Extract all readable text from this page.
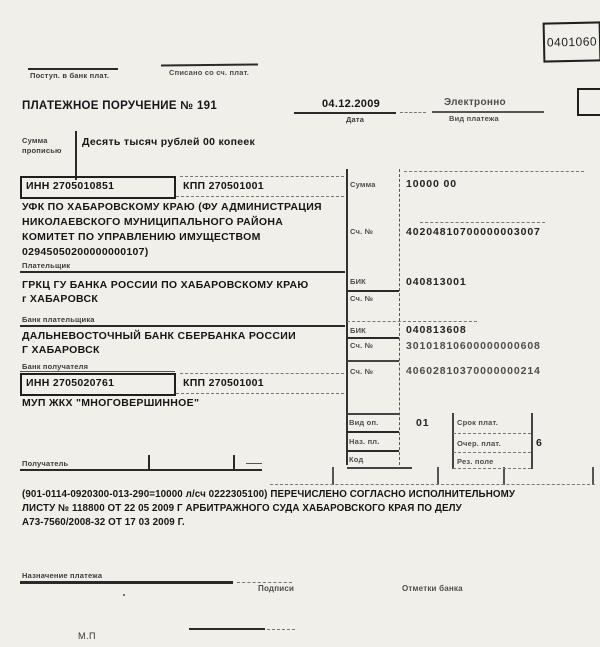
0401060
Поступ. в банк плат.	Списано со сч. плат.
ПЛАТЕЖНОЕ ПОРУЧЕНИЕ № 191	04.12.2009
Дата
Электронно
Вид платежа
Сумма
прописью
Десять тысяч рублей 00 копеек
ИНН 2705010851	КПП 270501001
УФК ПО ХАБАРОВСКОМУ КРАЮ (ФУ АДМИНИСТРАЦИЯ
НИКОЛАЕВСКОГО МУНИЦИПАЛЬНОГО РАЙОНА
КОМИТЕТ ПО УПРАВЛЕНИЮ ИМУЩЕСТВОМ
02945050200000000107)
Плательщик
ГРКЦ ГУ БАНКА РОССИИ ПО ХАБАРОВСКОМУ КРАЮ
г ХАБАРОВСК
Банк плательщика
ДАЛЬНЕВОСТОЧНЫЙ БАНК СБЕРБАНКА РОССИИ
Г ХАБАРОВСК
Банк получателя
ИНН 2705020761	КПП 270501001
МУП ЖКХ "МНОГОВЕРШИННОЕ"
Получатель
Сумма	10000 00
Сч. №	40204810700000003007
БИК	040813001
Сч. №
БИК	040813608
Сч. №	30101810600000000608
Сч. №	40602810370000000214
Вид оп.	01
Наз. пл.
Код
Срок плат.
Очер. плат.	6
Рез. поле
(901-0114-0920300-013-290=10000 л/сч 0222305100) ПЕРЕЧИСЛЕНО СОГЛАСНО ИСПОЛНИТЕЛЬНОМУ
ЛИСТУ № 118800 ОТ 22 05 2009 Г АРБИТРАЖНОГО СУДА ХАБАРОВСКОГО КРАЯ ПО ДЕЛУ
А73-7560/2008-32 ОТ 17 03 2009 Г.
Назначение платежа
Подписи	Отметки банка
М.П
